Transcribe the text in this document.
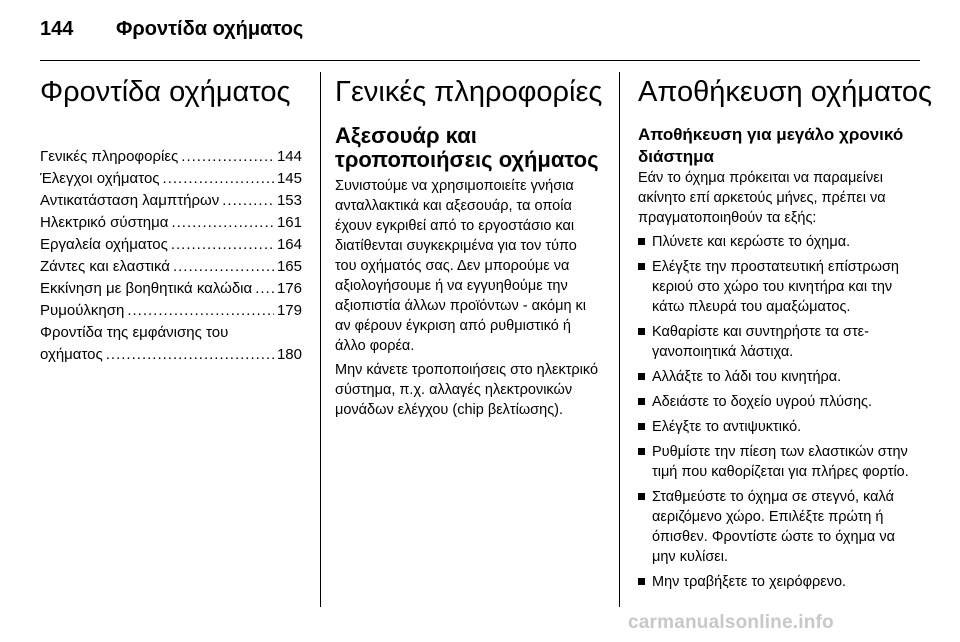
144 Φροντίδα οχήματος
Φροντίδα οχήματος
Γενικές πληροφορίες .....	144
Έλεγχοι οχήματος .....	145
Αντικατάσταση λαμπτήρων .....	153
Ηλεκτρικό σύστημα .....	161
Εργαλεία οχήματος .....	164
Ζάντες και ελαστικά .....	165
Εκκίνηση με βοηθητικά καλώδια ..... 176
Ρυμούλκηση .....	179
Φροντίδα της εμφάνισης του
οχήματος .....	180
Γενικές πληροφορίες
Αξεσουάρ και τροποποιήσεις οχήματος

Συνιστούμε να χρησιμοποιείτε γνήσια ανταλλακτικά και αξεσουάρ, τα οποία έχουν εγκριθεί από το εργοστάσιο και διατίθενται συγκεκριμένα για τον τύπο του οχήματός σας. Δεν μπορούμε να αξιολογήσουμε ή να εγγυηθούμε την αξιοπιστία άλλων προϊόντων - ακόμη κι αν φέρουν έγκριση από ρυθμιστικό ή άλλο φορέα.

Μην κάνετε τροποποιήσεις στο ηλεκτρικό σύστημα, π.χ. αλλαγές ηλεκτρονικών μονάδων ελέγχου (chip βελτίωσης).

Αποθήκευση οχήματος
Αποθήκευση για μεγάλο χρονικό διάστημα

Εάν το όχημα πρόκειται να παραμείνει ακίνητο επί αρκετούς μήνες, πρέπει να πραγματοποιηθούν τα εξής:

Πλύνετε και κερώστε το όχημα.
Ελέγξτε την προστατευτική επίστρωση κεριού στο χώρο του κινητήρα και την κάτω πλευρά του αμαξώματος.
Καθαρίστε και συντηρήστε τα στεγανοποιητικά λάστιχα.
Αλλάξτε το λάδι του κινητήρα.
Αδειάστε το δοχείο υγρού πλύσης.
Ελέγξτε το αντιψυκτικό.
Ρυθμίστε την πίεση των ελαστικών στην τιμή που καθορίζεται για πλήρες φορτίο.
Σταθμεύστε το όχημα σε στεγνό, καλά αεριζόμενο χώρο. Επιλέξτε πρώτη ή όπισθεν. Φροντίστε ώστε το όχημα να μην κυλίσει.
Μην τραβήξετε το χειρόφρενο.
carmanualsonline.info
